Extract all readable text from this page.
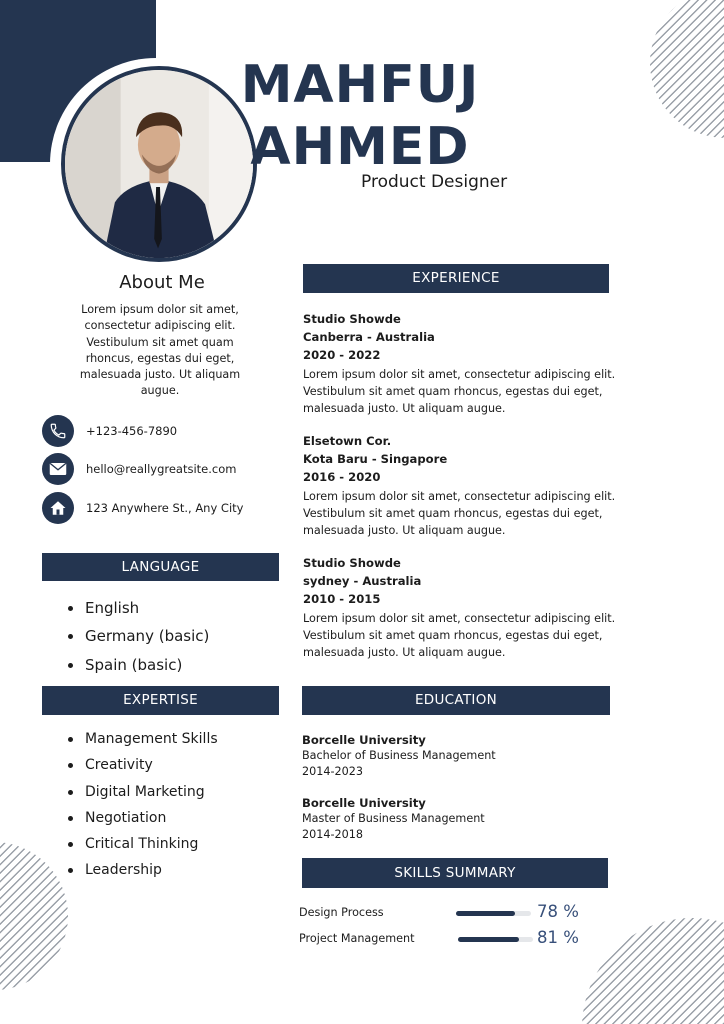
MAHFUJ
AHMED
Product Designer
About Me
Lorem ipsum dolor sit amet, consectetur adipiscing elit. Vestibulum sit amet quam rhoncus, egestas dui eget, malesuada justo. Ut aliquam augue.
+123-456-7890
hello@reallygreatsite.com
123 Anywhere St., Any City
LANGUAGE
English
Germany (basic)
Spain (basic)
EXPERTISE
Management Skills
Creativity
Digital Marketing
Negotiation
Critical Thinking
Leadership
EXPERIENCE
Studio Showde
Canberra - Australia
2020 - 2022
Lorem ipsum dolor sit amet, consectetur adipiscing elit. Vestibulum sit amet quam rhoncus, egestas dui eget, malesuada justo. Ut aliquam augue.
Elsetown Cor.
Kota Baru - Singapore
2016 - 2020
Lorem ipsum dolor sit amet, consectetur adipiscing elit. Vestibulum sit amet quam rhoncus, egestas dui eget, malesuada justo. Ut aliquam augue.
Studio Showde
sydney - Australia
2010 - 2015
Lorem ipsum dolor sit amet, consectetur adipiscing elit. Vestibulum sit amet quam rhoncus, egestas dui eget, malesuada justo. Ut aliquam augue.
EDUCATION
Borcelle University
Bachelor of Business Management
2014-2023
Borcelle University
Master of Business Management
2014-2018
SKILLS SUMMARY
Design Process	78 %
Project Management	81 %
